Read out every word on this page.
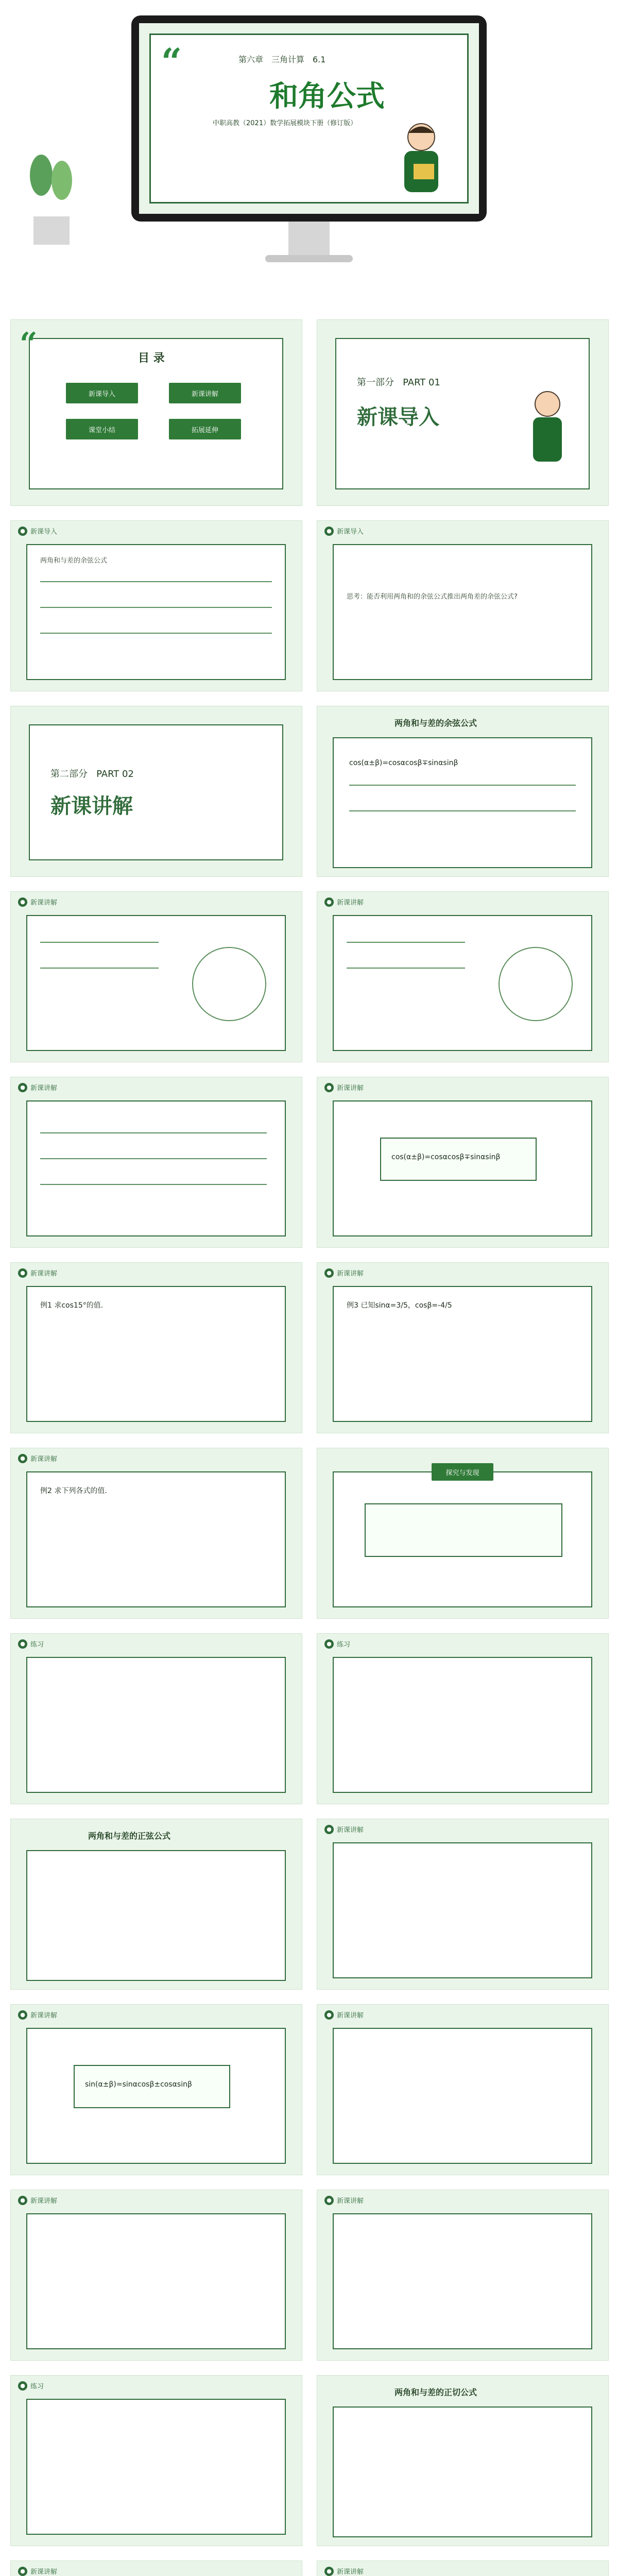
“	第六章　三角计算　6.1
和角公式
中职高教（2021）数学拓展模块下册（修订版）
“	目 录
新课导入	新课讲解
课堂小结	拓展延伸
第一部分 PART 01
新课导入
● 新课导入
两角和与差的余弦公式
● 新课导入
思考：能否利用两角和的余弦公式推出两角差的余弦公式?
第二部分 PART 02
新课讲解
两角和与差的余弦公式
cos(α±β)=cosαcosβ∓sinαsinβ
● 新课讲解	● 新课讲解
● 新课讲解	● 新课讲解
cos(α±β)=cosαcosβ∓sinαsinβ
● 新课讲解
例1 求cos15°的值.
● 新课讲解
例3 已知sinα=3/5，cosβ=-4/5
● 新课讲解
例2 求下列各式的值.
探究与发现
● 练习	● 练习
两角和与差的正弦公式
● 新课讲解
● 新课讲解
sin(α±β)=sinαcosβ±cosαsinβ
● 新课讲解
● 新课讲解	● 新课讲解
● 练习
两角和与差的正切公式
● 新课讲解	● 新课讲解
